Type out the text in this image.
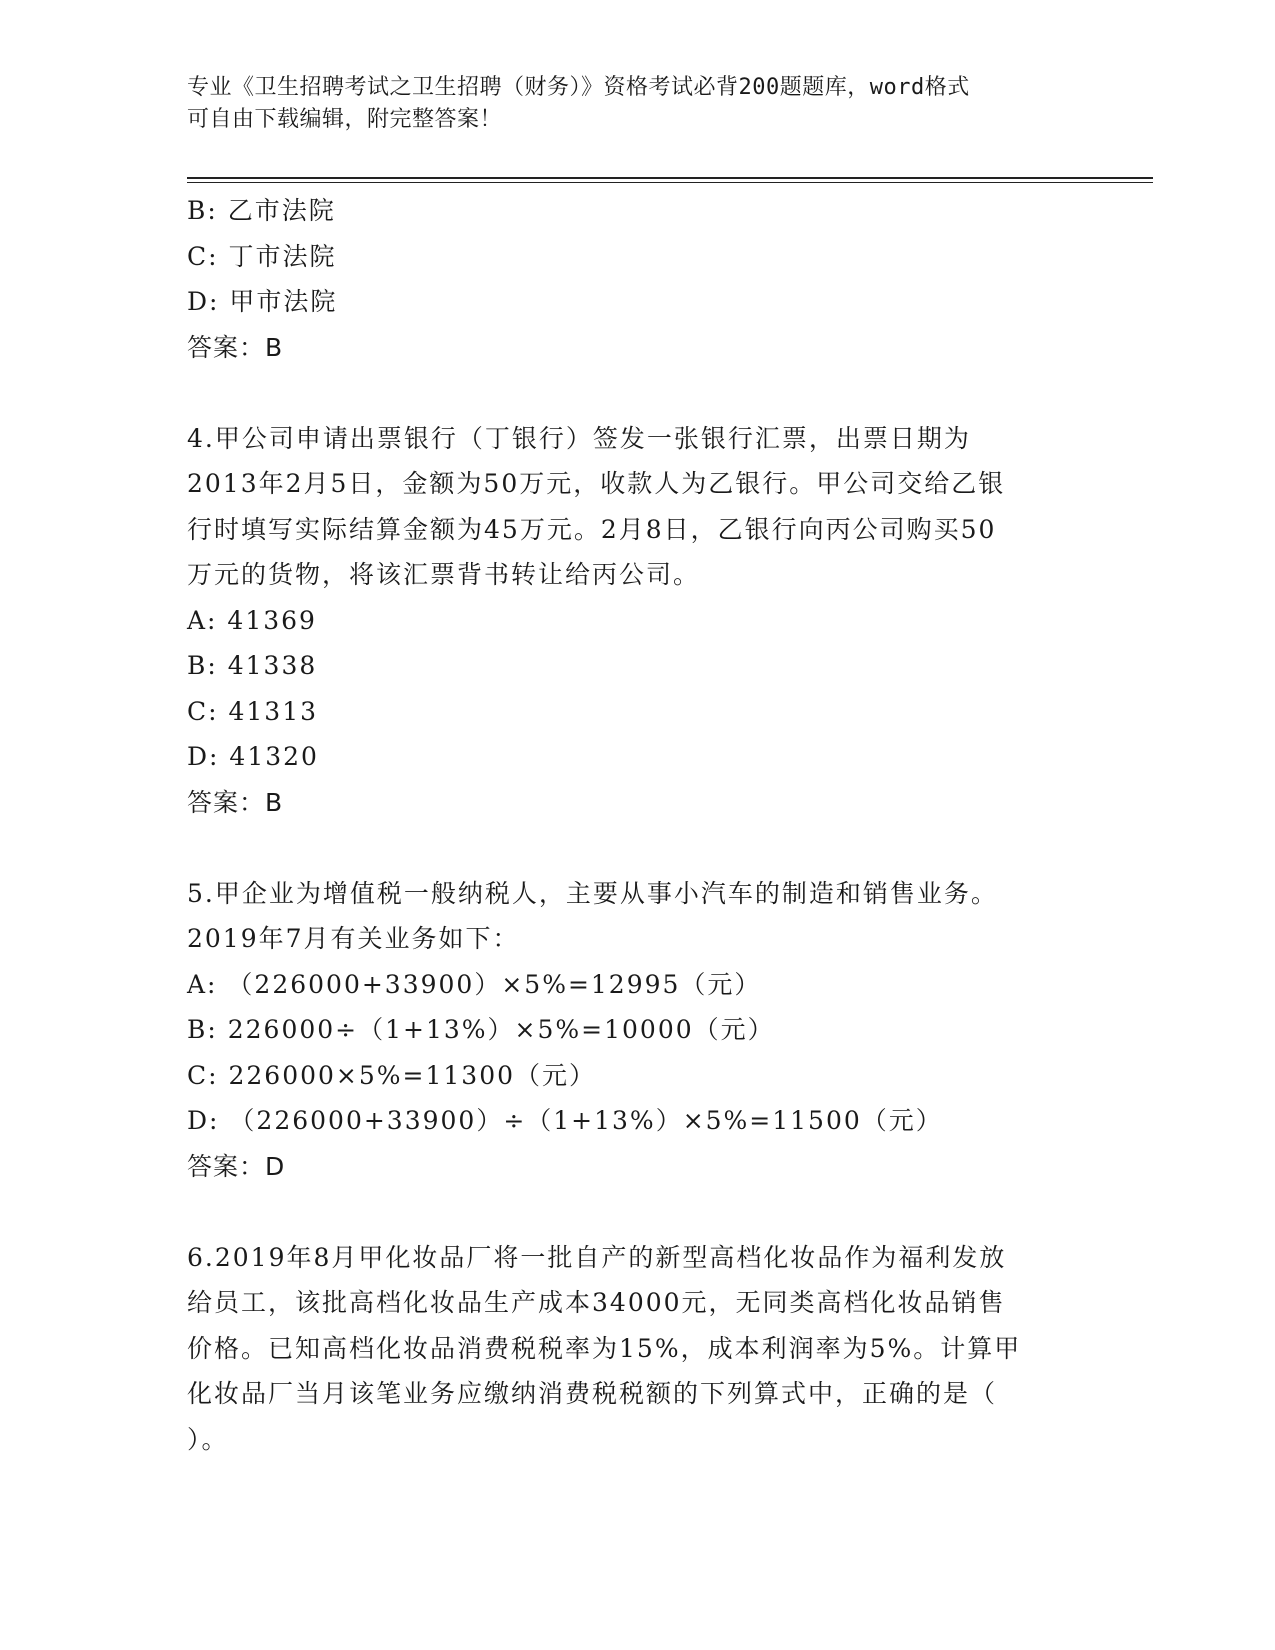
专业《卫生招聘考试之卫生招聘（财务）》资格考试必背200题题库，word格式
可自由下载编辑，附完整答案！
B: 乙市法院
C: 丁市法院
D: 甲市法院
答案：B
4.甲公司申请出票银行（丁银行）签发一张银行汇票，出票日期为
2013年2月5日，金额为50万元，收款人为乙银行。甲公司交给乙银
行时填写实际结算金额为45万元。2月8日，乙银行向丙公司购买50
万元的货物，将该汇票背书转让给丙公司。
A: 41369
B: 41338
C: 41313
D: 41320
答案：B
5.甲企业为增值税一般纳税人，主要从事小汽车的制造和销售业务。
2019年7月有关业务如下：
A: （226000+33900）×5%=12995（元）
B: 226000÷（1+13%）×5%=10000（元）
C: 226000×5%=11300（元）
D: （226000+33900）÷（1+13%）×5%=11500（元）
答案：D
6.2019年8月甲化妆品厂将一批自产的新型高档化妆品作为福利发放
给员工，该批高档化妆品生产成本34000元，无同类高档化妆品销售
价格。已知高档化妆品消费税税率为15%，成本利润率为5%。计算甲
化妆品厂当月该笔业务应缴纳消费税税额的下列算式中，正确的是（
）。
